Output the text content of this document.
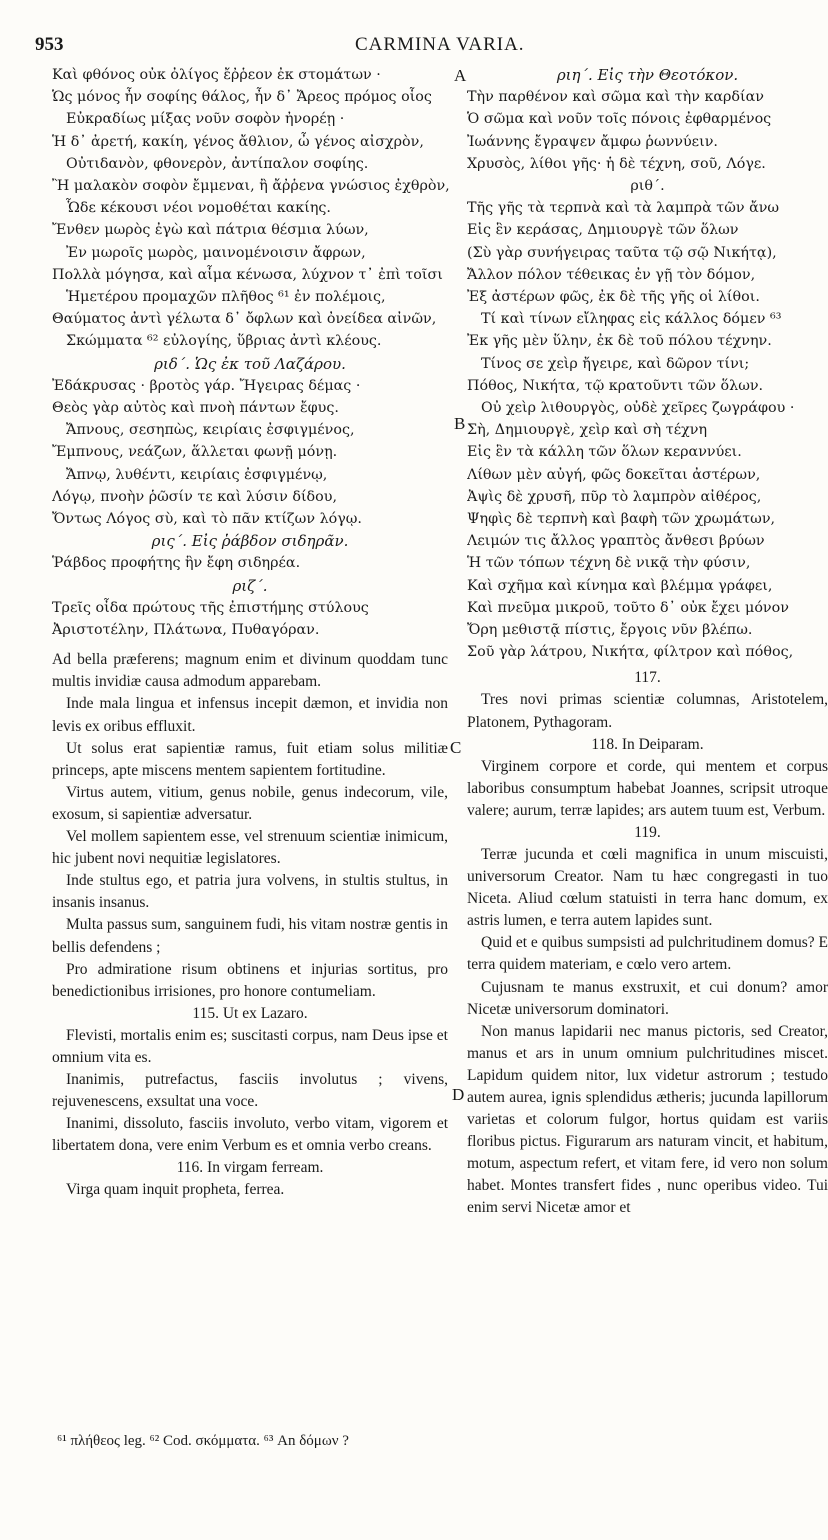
953	CARMINA VARIA.
A
B
C
D
Καὶ φθόνος οὐκ ὀλίγος ἔῤῥεον ἐκ στομάτων ·
Ὡς μόνος ἦν σοφίης θάλος, ἦν δ᾽ Ἄρεος πρόμος οἷος
Εὐκραδίως μίξας νοῦν σοφὸν ἠνορέῃ ·
Ἡ δ᾽ ἀρετή, κακίη, γένος ἄθλιον, ὦ γένος αἰσχρὸν,
Οὐτιδανὸν, φθονερὸν, ἀντίπαλον σοφίης.
Ἢ μαλακὸν σοφὸν ἔμμεναι, ἢ ἄῤῥενα γνώσιος ἐχθρὸν,
Ὧδε κέκουσι νέοι νομοθέται κακίης.
Ἔνθεν μωρὸς ἐγὼ καὶ πάτρια θέσμια λύων,
Ἐν μωροῖς μωρὸς, μαινομένοισιν ἄφρων,
Πολλὰ μόγησα, καὶ αἷμα κένωσα, λύχνον τ᾽ ἐπὶ τοῖσι
Ἡμετέρου προμαχῶν πλῆθος ⁶¹ ἐν πολέμοις,
Θαύματος ἀντὶ γέλωτα δ᾽ ὄφλων καὶ ὀνείδεα αἰνῶν,
Σκώμματα ⁶² εὐλογίης, ὕβριας ἀντὶ κλέους.
ριδ΄. Ὡς ἐκ τοῦ Λαζάρου.
Ἐδάκρυσας · βροτὸς γάρ. Ἤγειρας δέμας ·
Θεὸς γὰρ αὐτὸς καὶ πνοὴ πάντων ἔφυς.
Ἄπνους, σεσηπὼς, κειρίαις ἐσφιγμένος,
Ἔμπνους, νεάζων, ἅλλεται φωνῇ μόνῃ.
Ἄπνῳ, λυθέντι, κειρίαις ἐσφιγμένῳ,
Λόγῳ, πνοὴν ῥῶσίν τε καὶ λύσιν δίδου,
Ὄντως Λόγος σὺ, καὶ τὸ πᾶν κτίζων λόγῳ.
ρις΄. Εἰς ῥάβδον σιδηρᾶν.
Ῥάβδος προφήτης ἣν ἔφη σιδηρέα.
ριζ΄.
Τρεῖς οἶδα πρώτους τῆς ἐπιστήμης στύλους
Ἀριστοτέλην, Πλάτωνα, Πυθαγόραν.
Ad bella præferens; magnum enim et divinum quoddam tunc multis invidiæ causa admodum apparebam.
Inde mala lingua et infensus incepit dæmon, et invidia non levis ex oribus effluxit.
Ut solus erat sapientiæ ramus, fuit etiam solus militiæ princeps, apte miscens mentem sapientem fortitudine.
Virtus autem, vitium, genus nobile, genus indecorum, vile, exosum, si sapientiæ adversatur.
Vel mollem sapientem esse, vel strenuum scientiæ inimicum, hic jubent novi nequitiæ legislatores.
Inde stultus ego, et patria jura volvens, in stultis stultus, in insanis insanus.
Multa passus sum, sanguinem fudi, his vitam nostræ gentis in bellis defendens ;
Pro admiratione risum obtinens et injurias sortitus, pro benedictionibus irrisiones, pro honore contumeliam.
115. Ut ex Lazaro.
Flevisti, mortalis enim es; suscitasti corpus, nam Deus ipse et omnium vita es.
Inanimis, putrefactus, fasciis involutus ; vivens, rejuvenescens, exsultat una voce.
Inanimi, dissoluto, fasciis involuto, verbo vitam, vigorem et libertatem dona, vere enim Verbum es et omnia verbo creans.
116. In virgam ferream.
Virga quam inquit propheta, ferrea.
ριη΄. Εἰς τὴν Θεοτόκον.
Τὴν παρθένον καὶ σῶμα καὶ τὴν καρδίαν
Ὁ σῶμα καὶ νοῦν τοῖς πόνοις ἐφθαρμένος
Ἰωάννης ἔγραψεν ἄμφω ῥωννύειν.
Χρυσὸς, λίθοι γῆς· ἡ δὲ τέχνη, σοῦ, Λόγε.
ριθ΄.
Τῆς γῆς τὰ τερπνὰ καὶ τὰ λαμπρὰ τῶν ἄνω
Εἰς ἓν κεράσας, Δημιουργὲ τῶν ὅλων
(Σὺ γὰρ συνήγειρας ταῦτα τῷ σῷ Νικήτᾳ),
Ἄλλον πόλον τέθεικας ἐν γῇ τὸν δόμον,
Ἐξ ἀστέρων φῶς, ἐκ δὲ τῆς γῆς οἱ λίθοι.
Τί καὶ τίνων εἴληφας εἰς κάλλος δόμεν ⁶³
Ἐκ γῆς μὲν ὕλην, ἐκ δὲ τοῦ πόλου τέχνην.
Τίνος σε χεὶρ ἤγειρε, καὶ δῶρον τίνι;
Πόθος, Νικήτα, τῷ κρατοῦντι τῶν ὅλων.
Οὐ χεὶρ λιθουργὸς, οὐδὲ χεῖρες ζωγράφου ·
Σὴ, Δημιουργὲ, χεὶρ καὶ σὴ τέχνη
Εἰς ἓν τὰ κάλλη τῶν ὅλων κεραννύει.
Λίθων μὲν αὐγή, φῶς δοκεῖται ἀστέρων,
Ἀψὶς δὲ χρυσῆ, πῦρ τὸ λαμπρὸν αἰθέρος,
Ψηφὶς δὲ τερπνὴ καὶ βαφὴ τῶν χρωμάτων,
Λειμών τις ἄλλος γραπτὸς ἄνθεσι βρύων
Ἡ τῶν τόπων τέχνη δὲ νικᾷ τὴν φύσιν,
Καὶ σχῆμα καὶ κίνημα καὶ βλέμμα γράφει,
Καὶ πνεῦμα μικροῦ, τοῦτο δ᾽ οὐκ ἔχει μόνον
Ὄρη μεθιστᾷ πίστις, ἔργοις νῦν βλέπω.
Σοῦ γὰρ λάτρου, Νικήτα, φίλτρον καὶ πόθος,
117.
Tres novi primas scientiæ columnas, Aristotelem, Platonem, Pythagoram.
118. In Deiparam.
Virginem corpore et corde, qui mentem et corpus laboribus consumptum habebat Joannes, scripsit utroque valere; aurum, terræ lapides; ars autem tuum est, Verbum.
119.
Terræ jucunda et cœli magnifica in unum miscuisti, universorum Creator. Nam tu hæc congregasti in tuo Niceta. Aliud cœlum statuisti in terra hanc domum, ex astris lumen, e terra autem lapides sunt.
Quid et e quibus sumpsisti ad pulchritudinem domus? E terra quidem materiam, e cœlo vero artem.
Cujusnam te manus exstruxit, et cui donum? amor Nicetæ universorum dominatori.
Non manus lapidarii nec manus pictoris, sed Creator, manus et ars in unum omnium pulchritudines miscet. Lapidum quidem nitor, lux videtur astrorum ; testudo autem aurea, ignis splendidus ætheris; jucunda lapillorum varietas et colorum fulgor, hortus quidam est variis floribus pictus. Figurarum ars naturam vincit, et habitum, motum, aspectum refert, et vitam fere, id vero non solum habet. Montes transfert fides , nunc operibus video. Tui enim servi Nicetæ amor et
⁶¹ πλήθεος leg. ⁶² Cod. σκόμματα. ⁶³ An δόμων ?
